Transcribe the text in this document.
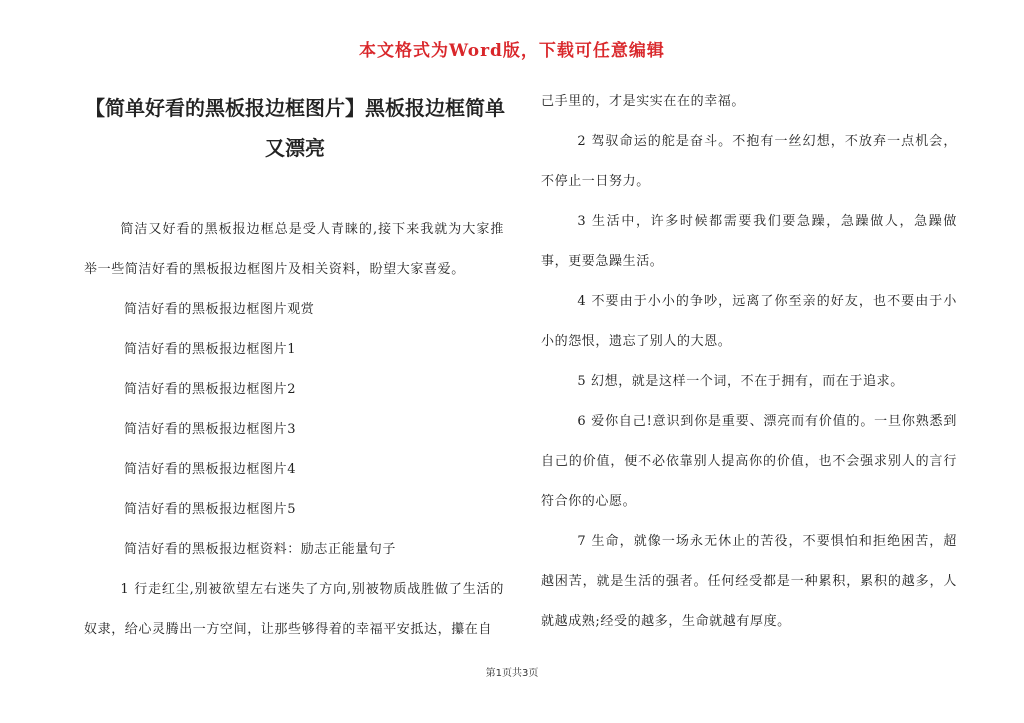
本文格式为Word版，下载可任意编辑
【简单好看的黑板报边框图片】黑板报边框简单又漂亮

简洁又好看的黑板报边框总是受人青睐的,接下来我就为大家推举一些简洁好看的黑板报边框图片及相关资料，盼望大家喜爱。

简洁好看的黑板报边框图片观赏

简洁好看的黑板报边框图片1

简洁好看的黑板报边框图片2

简洁好看的黑板报边框图片3

简洁好看的黑板报边框图片4

简洁好看的黑板报边框图片5

简洁好看的黑板报边框资料：励志正能量句子

1 行走红尘,别被欲望左右迷失了方向,别被物质战胜做了生活的奴隶，给心灵腾出一方空间，让那些够得着的幸福平安抵达，攥在自

己手里的，才是实实在在的幸福。

2 驾驭命运的舵是奋斗。不抱有一丝幻想，不放弃一点机会，不停止一日努力。

3 生活中，许多时候都需要我们要急躁，急躁做人，急躁做事，更要急躁生活。

4 不要由于小小的争吵，远离了你至亲的好友，也不要由于小小的怨恨，遗忘了别人的大恩。

5 幻想，就是这样一个词，不在于拥有，而在于追求。

6 爱你自己!意识到你是重要、漂亮而有价值的。一旦你熟悉到自己的价值，便不必依靠别人提高你的价值，也不会强求别人的言行符合你的心愿。

7 生命，就像一场永无休止的苦役，不要惧怕和拒绝困苦，超越困苦，就是生活的强者。任何经受都是一种累积，累积的越多，人就越成熟;经受的越多，生命就越有厚度。

第1页共3页
